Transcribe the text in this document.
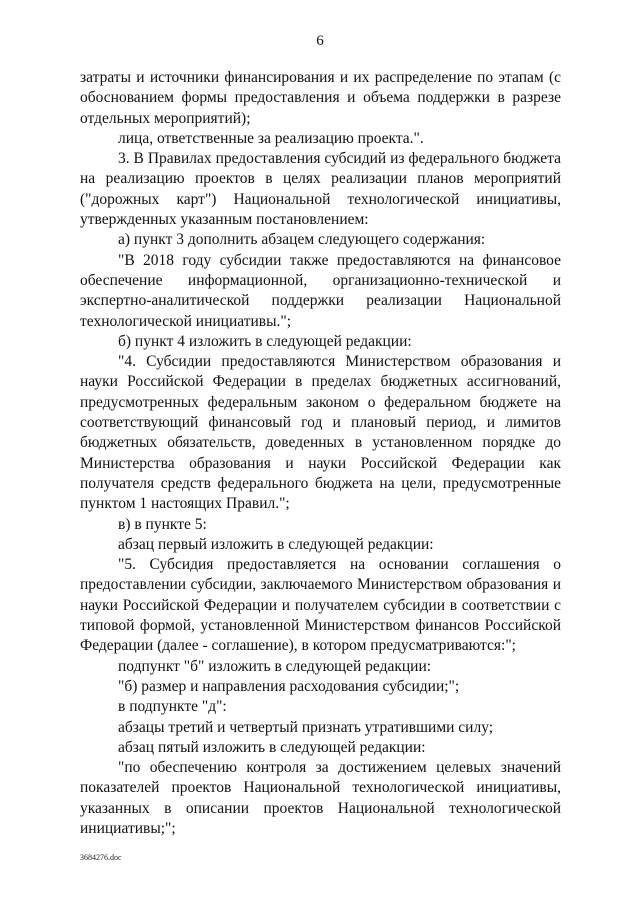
6

затраты и источники финансирования и их распределение по этапам (с обоснованием формы предоставления и объема поддержки в разрезе отдельных мероприятий);

лица, ответственные за реализацию проекта.".

3. В Правилах предоставления субсидий из федерального бюджета на реализацию проектов в целях реализации планов мероприятий ("дорожных карт") Национальной технологической инициативы, утвержденных указанным постановлением:

а) пункт 3 дополнить абзацем следующего содержания:

"В 2018 году субсидии также предоставляются на финансовое обеспечение информационной, организационно-технической и экспертно-аналитической поддержки реализации Национальной технологической инициативы.";

б) пункт 4 изложить в следующей редакции:

"4. Субсидии предоставляются Министерством образования и науки Российской Федерации в пределах бюджетных ассигнований, предусмотренных федеральным законом о федеральном бюджете на соответствующий финансовый год и плановый период, и лимитов бюджетных обязательств, доведенных в установленном порядке до Министерства образования и науки Российской Федерации как получателя средств федерального бюджета на цели, предусмотренные пунктом 1 настоящих Правил.";

в) в пункте 5:

абзац первый изложить в следующей редакции:

"5. Субсидия предоставляется на основании соглашения о предоставлении субсидии, заключаемого Министерством образования и науки Российской Федерации и получателем субсидии в соответствии с типовой формой, установленной Министерством финансов Российской Федерации (далее - соглашение), в котором предусматриваются:";

подпункт "б" изложить в следующей редакции:

"б) размер и направления расходования субсидии;";

в подпункте "д":

абзацы третий и четвертый признать утратившими силу;

абзац пятый изложить в следующей редакции:

"по обеспечению контроля за достижением целевых значений показателей проектов Национальной технологической инициативы, указанных в описании проектов Национальной технологической инициативы;";

3684276.doc
